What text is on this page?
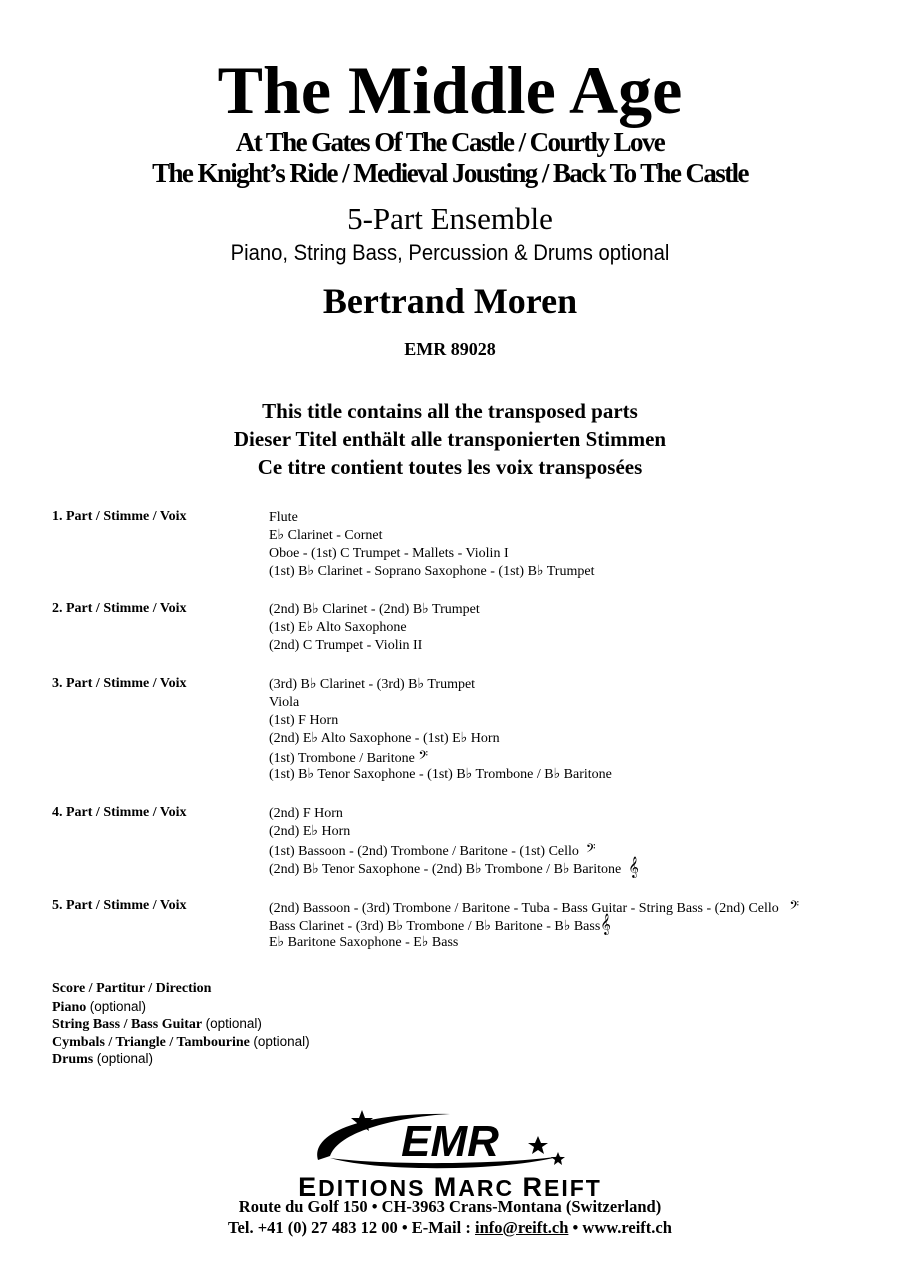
The Middle Age
At The Gates Of The Castle / Courtly Love
The Knight’s Ride / Medieval Jousting / Back To The Castle
5-Part Ensemble
Piano, String Bass, Percussion & Drums optional
Bertrand Moren
EMR 89028
This title contains all the transposed parts
Dieser Titel enthält alle transponierten Stimmen
Ce titre contient toutes les voix transposées
1. Part / Stimme / Voix	Flute
E♭ Clarinet - Cornet
Oboe - (1st) C Trumpet - Mallets - Violin I
(1st) B♭ Clarinet - Soprano Saxophone - (1st) B♭ Trumpet
2. Part / Stimme / Voix	(2nd) B♭ Clarinet - (2nd) B♭ Trumpet
(1st) E♭ Alto Saxophone
(2nd) C Trumpet - Violin II
3. Part / Stimme / Voix	(3rd) B♭ Clarinet - (3rd) B♭ Trumpet
Viola
(1st) F Horn
(2nd) E♭ Alto Saxophone - (1st) E♭ Horn
(1st) Trombone / Baritone 𝄢
(1st) B♭ Tenor Saxophone - (1st) B♭ Trombone / B♭ Baritone
4. Part / Stimme / Voix	(2nd) F Horn
(2nd) E♭ Horn
(1st) Bassoon - (2nd) Trombone / Baritone - (1st) Cello 𝄢
(2nd) B♭ Tenor Saxophone - (2nd) B♭ Trombone / B♭ Baritone 𝄞
5. Part / Stimme / Voix	(2nd) Bassoon - (3rd) Trombone / Baritone - Tuba - Bass Guitar - String Bass - (2nd) Cello 𝄢
Bass Clarinet - (3rd) B♭ Trombone / B♭ Baritone - B♭ Bass𝄞
E♭ Baritone Saxophone - E♭ Bass
Score / Partitur / Direction
Piano (optional)
String Bass / Bass Guitar (optional)
Cymbals / Triangle / Tambourine (optional)
Drums (optional)
EMR
EDITIONS MARC REIFT
Route du Golf 150 • CH-3963 Crans-Montana (Switzerland)
Tel. +41 (0) 27 483 12 00 • E-Mail : info@reift.ch • www.reift.ch
